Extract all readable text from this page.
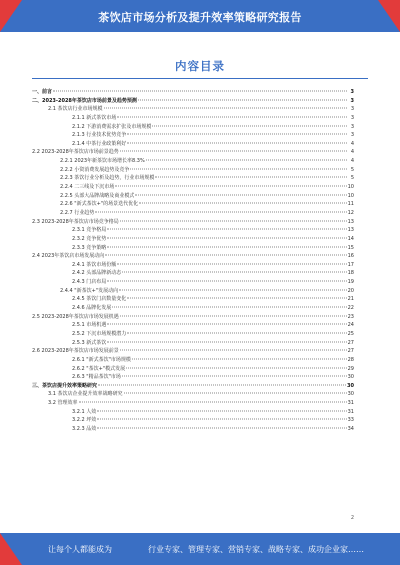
茶饮店市场分析及提升效率策略研究报告
内容目录
一、前言	3
二、2023-2028年茶饮店市场前景及趋势预测	3
2.1 茶饮店行业市场规模	3
2.1.1 新式茶饮市场	3
2.1.2 下游消费需求扩张及市场规模	3
2.1.3 行业技术优势竞争	3
2.1.4 中茶行业政策利好	4
2.2 2023-2028年茶饮店市场前景趋势	4
2.2.1 2023年新茶饮市场增长率8.3%	4
2.2.2 小资消费发展趋势及竞争	5
2.2.3 茶饮行业分析及趋势，行业市场规模	5
2.2.4 二三线及下沉市场	10
2.2.5 头部大品牌战略及商业模式	10
2.2.6 "新式茶饮+"的场景迭代优化	11
2.2.7 行业趋势	12
2.3 2023-2028年茶饮店市场竞争格局	13
2.3.1 竞争格局	13
2.3.2 竞争优势	14
2.3.3 竞争策略	15
2.4 2023年茶饮店市场发展动向	16
2.4.1 茶饮市场份额	17
2.4.2 头部品牌新动态	18
2.4.3 门店布局	19
2.4.4 "新茶饮+"发展动向	20
2.4.5 茶饮门店数量变化	21
2.4.6 品牌化发展	22
2.5 2023-2028年茶饮店市场发展机遇	23
2.5.1 市场机遇	24
2.5.2 下沉市场规模潜力	25
2.5.3 新式茶饮	27
2.6 2023-2028年茶饮店市场发展前景	27
2.6.1 "新式茶饮"市场规模	28
2.6.2 "茶饮+"模式发展	29
2.6.3 "精品茶饮"市场	30
三、茶饮店提升效率策略研究	30
3.1 茶饮店企业提升效率战略研究	30
3.2 管理效率	31
3.2.1 人效	31
3.2.2 坪效	33
3.2.3 品效	34
2
让每个人都能成为	行业专家、管理专家、营销专家、战略专家、成功企业家……
